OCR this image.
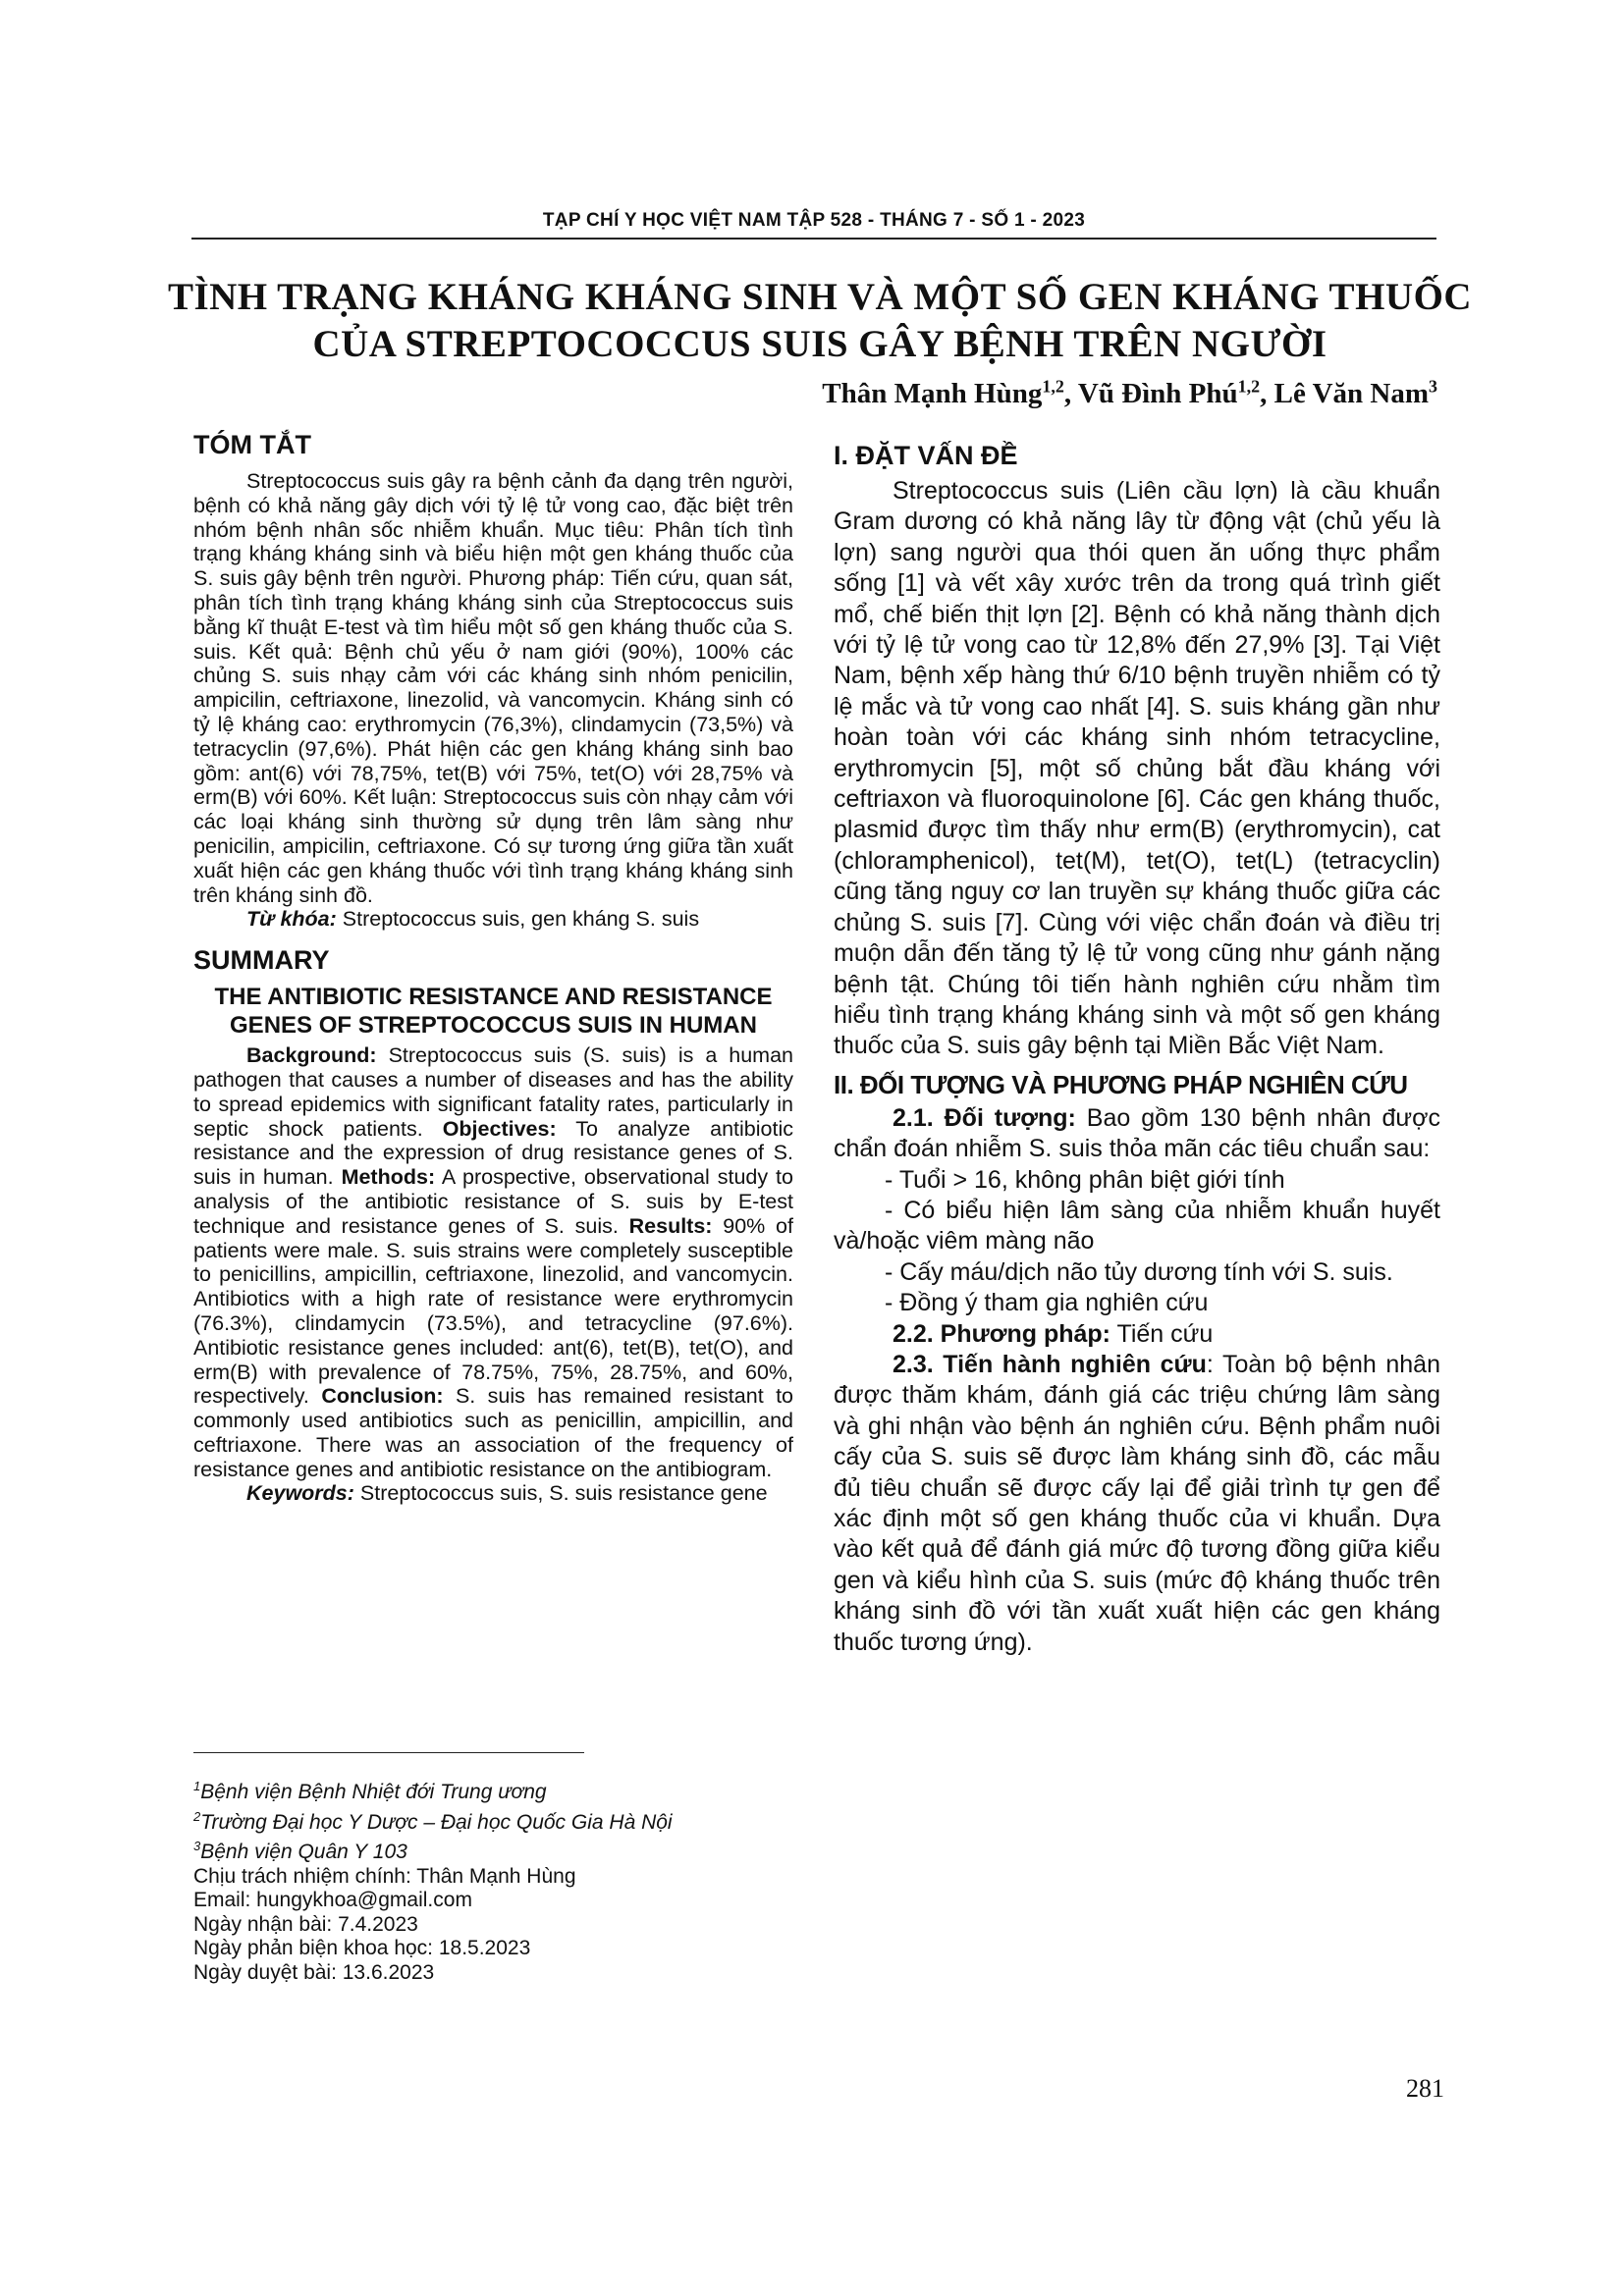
TẠP CHÍ Y HỌC VIỆT NAM TẬP 528 - THÁNG 7 - SỐ 1 - 2023
TÌNH TRẠNG KHÁNG KHÁNG SINH VÀ MỘT SỐ GEN KHÁNG THUỐC
CỦA STREPTOCOCCUS SUIS GÂY BỆNH TRÊN NGƯỜI
Thân Mạnh Hùng$^{1,2}$, Vũ Đình Phú$^{1,2}$, Lê Văn Nam$^3$
TÓM TẮT

Streptococcus suis gây ra bệnh cảnh đa dạng trên người, bệnh có khả năng gây dịch với tỷ lệ tử vong cao, đặc biệt trên nhóm bệnh nhân sốc nhiễm khuẩn. Mục tiêu: Phân tích tình trạng kháng kháng sinh và biểu hiện một gen kháng thuốc của S. suis gây bệnh trên người. Phương pháp: Tiến cứu, quan sát, phân tích tình trạng kháng kháng sinh của Streptococcus suis bằng kĩ thuật E-test và tìm hiểu một số gen kháng thuốc của S. suis. Kết quả: Bệnh chủ yếu ở nam giới (90%), 100% các chủng S. suis nhạy cảm với các kháng sinh nhóm penicilin, ampicilin, ceftriaxone, linezolid, và vancomycin. Kháng sinh có tỷ lệ kháng cao: erythromycin (76,3%), clindamycin (73,5%) và tetracyclin (97,6%). Phát hiện các gen kháng kháng sinh bao gồm: ant(6) với 78,75%, tet(B) với 75%, tet(O) với 28,75% và erm(B) với 60%. Kết luận: Streptococcus suis còn nhạy cảm với các loại kháng sinh thường sử dụng trên lâm sàng như penicilin, ampicilin, ceftriaxone. Có sự tương ứng giữa tần xuất xuất hiện các gen kháng thuốc với tình trạng kháng kháng sinh trên kháng sinh đồ.

Từ khóa: Streptococcus suis, gen kháng S. suis

SUMMARY

THE ANTIBIOTIC RESISTANCE AND RESISTANCE GENES OF STREPTOCOCCUS SUIS IN HUMAN

Background: Streptococcus suis (S. suis) is a human pathogen that causes a number of diseases and has the ability to spread epidemics with significant fatality rates, particularly in septic shock patients. Objectives: To analyze antibiotic resistance and the expression of drug resistance genes of S. suis in human. Methods: A prospective, observational study to analysis of the antibiotic resistance of S. suis by E-test technique and resistance genes of S. suis. Results: 90% of patients were male. S. suis strains were completely susceptible to penicillins, ampicillin, ceftriaxone, linezolid, and vancomycin. Antibiotics with a high rate of resistance were erythromycin (76.3%), clindamycin (73.5%), and tetracycline (97.6%). Antibiotic resistance genes included: ant(6), tet(B), tet(O), and erm(B) with prevalence of 78.75%, 75%, 28.75%, and 60%, respectively. Conclusion: S. suis has remained resistant to commonly used antibiotics such as penicillin, ampicillin, and ceftriaxone. There was an association of the frequency of resistance genes and antibiotic resistance on the antibiogram.

Keywords: Streptococcus suis, S. suis resistance gene

$^1$Bệnh viện Bệnh Nhiệt đới Trung ương
$^2$Trường Đại học Y Dược – Đại học Quốc Gia Hà Nội
$^3$Bệnh viện Quân Y 103
Chịu trách nhiệm chính: Thân Mạnh Hùng
Email: hungykhoa@gmail.com
Ngày nhận bài: 7.4.2023
Ngày phản biện khoa học: 18.5.2023
Ngày duyệt bài: 13.6.2023
I. ĐẶT VẤN ĐỀ

Streptococcus suis (Liên cầu lợn) là cầu khuẩn Gram dương có khả năng lây từ động vật (chủ yếu là lợn) sang người qua thói quen ăn uống thực phẩm sống [1] và vết xây xước trên da trong quá trình giết mổ, chế biến thịt lợn [2]. Bệnh có khả năng thành dịch với tỷ lệ tử vong cao từ 12,8% đến 27,9% [3]. Tại Việt Nam, bệnh xếp hàng thứ 6/10 bệnh truyền nhiễm có tỷ lệ mắc và tử vong cao nhất [4]. S. suis kháng gần như hoàn toàn với các kháng sinh nhóm tetracycline, erythromycin [5], một số chủng bắt đầu kháng với ceftriaxon và fluoroquinolone [6]. Các gen kháng thuốc, plasmid được tìm thấy như erm(B) (erythromycin), cat (chloramphenicol), tet(M), tet(O), tet(L) (tetracyclin) cũng tăng nguy cơ lan truyền sự kháng thuốc giữa các chủng S. suis [7]. Cùng với việc chẩn đoán và điều trị muộn dẫn đến tăng tỷ lệ tử vong cũng như gánh nặng bệnh tật. Chúng tôi tiến hành nghiên cứu nhằm tìm hiểu tình trạng kháng kháng sinh và một số gen kháng thuốc của S. suis gây bệnh tại Miền Bắc Việt Nam.

II. ĐỐI TƯỢNG VÀ PHƯƠNG PHÁP NGHIÊN CỨU

2.1. Đối tượng: Bao gồm 130 bệnh nhân được chẩn đoán nhiễm S. suis thỏa mãn các tiêu chuẩn sau:

- Tuổi > 16, không phân biệt giới tính

- Có biểu hiện lâm sàng của nhiễm khuẩn huyết và/hoặc viêm màng não

- Cấy máu/dịch não tủy dương tính với S. suis.

- Đồng ý tham gia nghiên cứu

2.2. Phương pháp: Tiến cứu

2.3. Tiến hành nghiên cứu: Toàn bộ bệnh nhân được thăm khám, đánh giá các triệu chứng lâm sàng và ghi nhận vào bệnh án nghiên cứu. Bệnh phẩm nuôi cấy của S. suis sẽ được làm kháng sinh đồ, các mẫu đủ tiêu chuẩn sẽ được cấy lại để giải trình tự gen để xác định một số gen kháng thuốc của vi khuẩn. Dựa vào kết quả để đánh giá mức độ tương đồng giữa kiểu gen và kiểu hình của S. suis (mức độ kháng thuốc trên kháng sinh đồ với tần xuất xuất hiện các gen kháng thuốc tương ứng).

281
